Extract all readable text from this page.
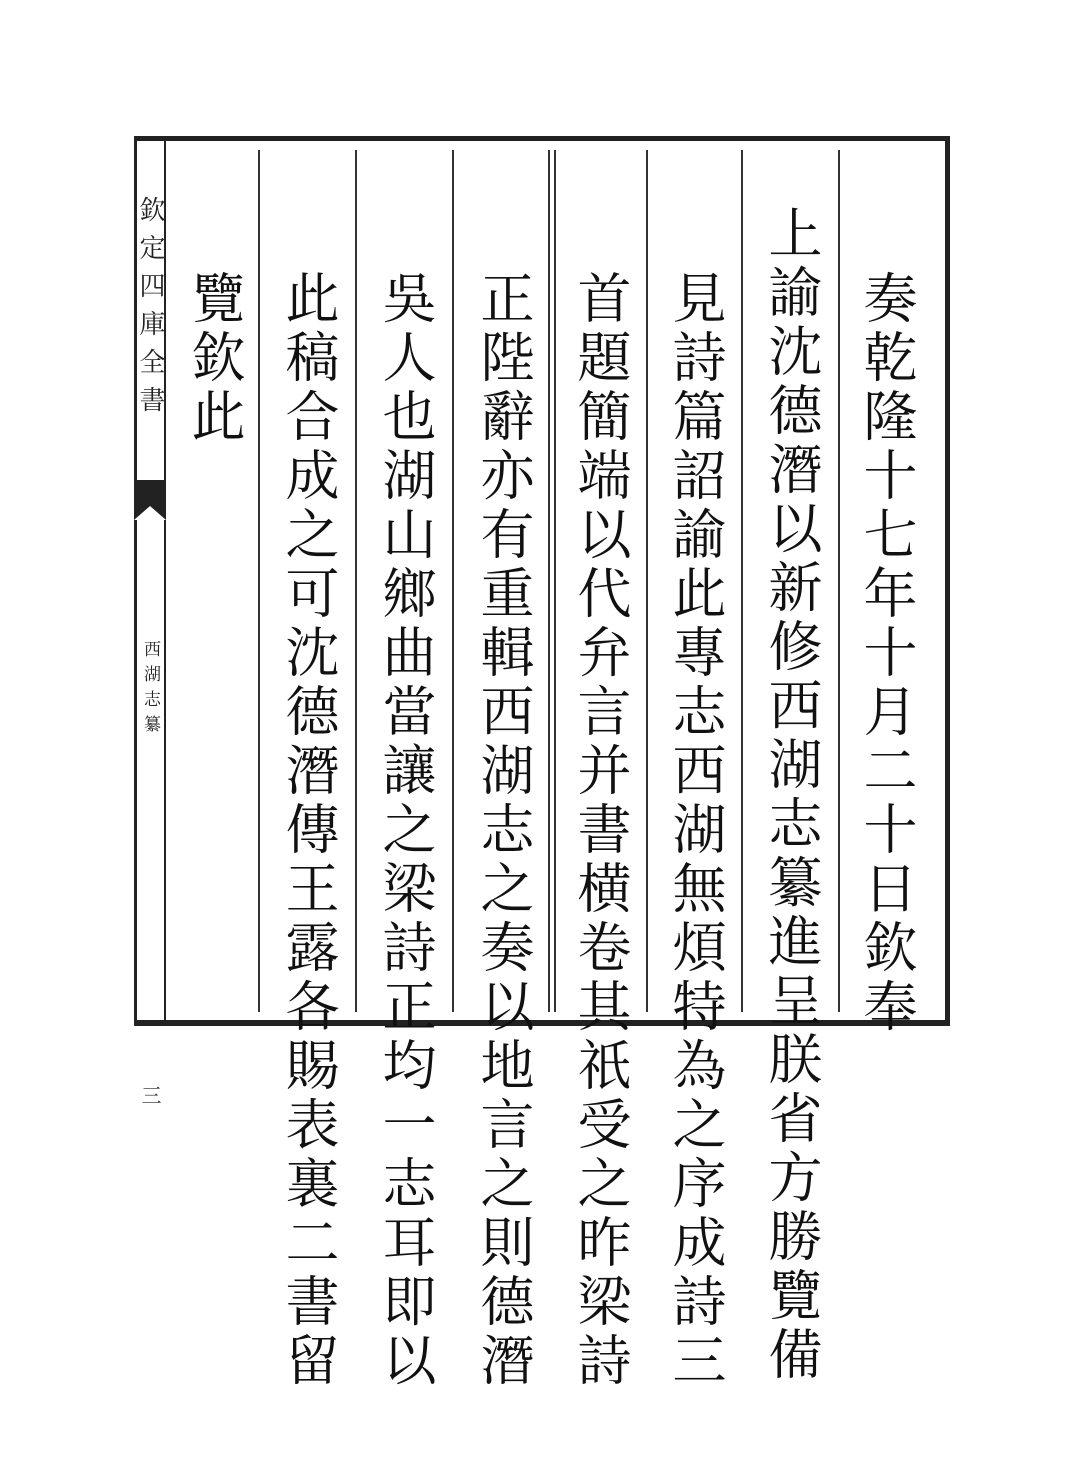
欽定四庫全書
西湖志纂
三
奏乾隆十七年十月二十日欽奉
上諭沈德潛以新修西湖志纂進呈朕省方勝覽備
見詩篇詔諭此專志西湖無煩特為之序成詩三
首題簡端以代弁言并書横卷其祇受之昨梁詩
正陛辭亦有重輯西湖志之奏以地言之則德潛
吳人也湖山鄉曲當讓之梁詩正均一志耳即以
此稿合成之可沈德潛傳王露各賜表裏二書留
覽欽此
